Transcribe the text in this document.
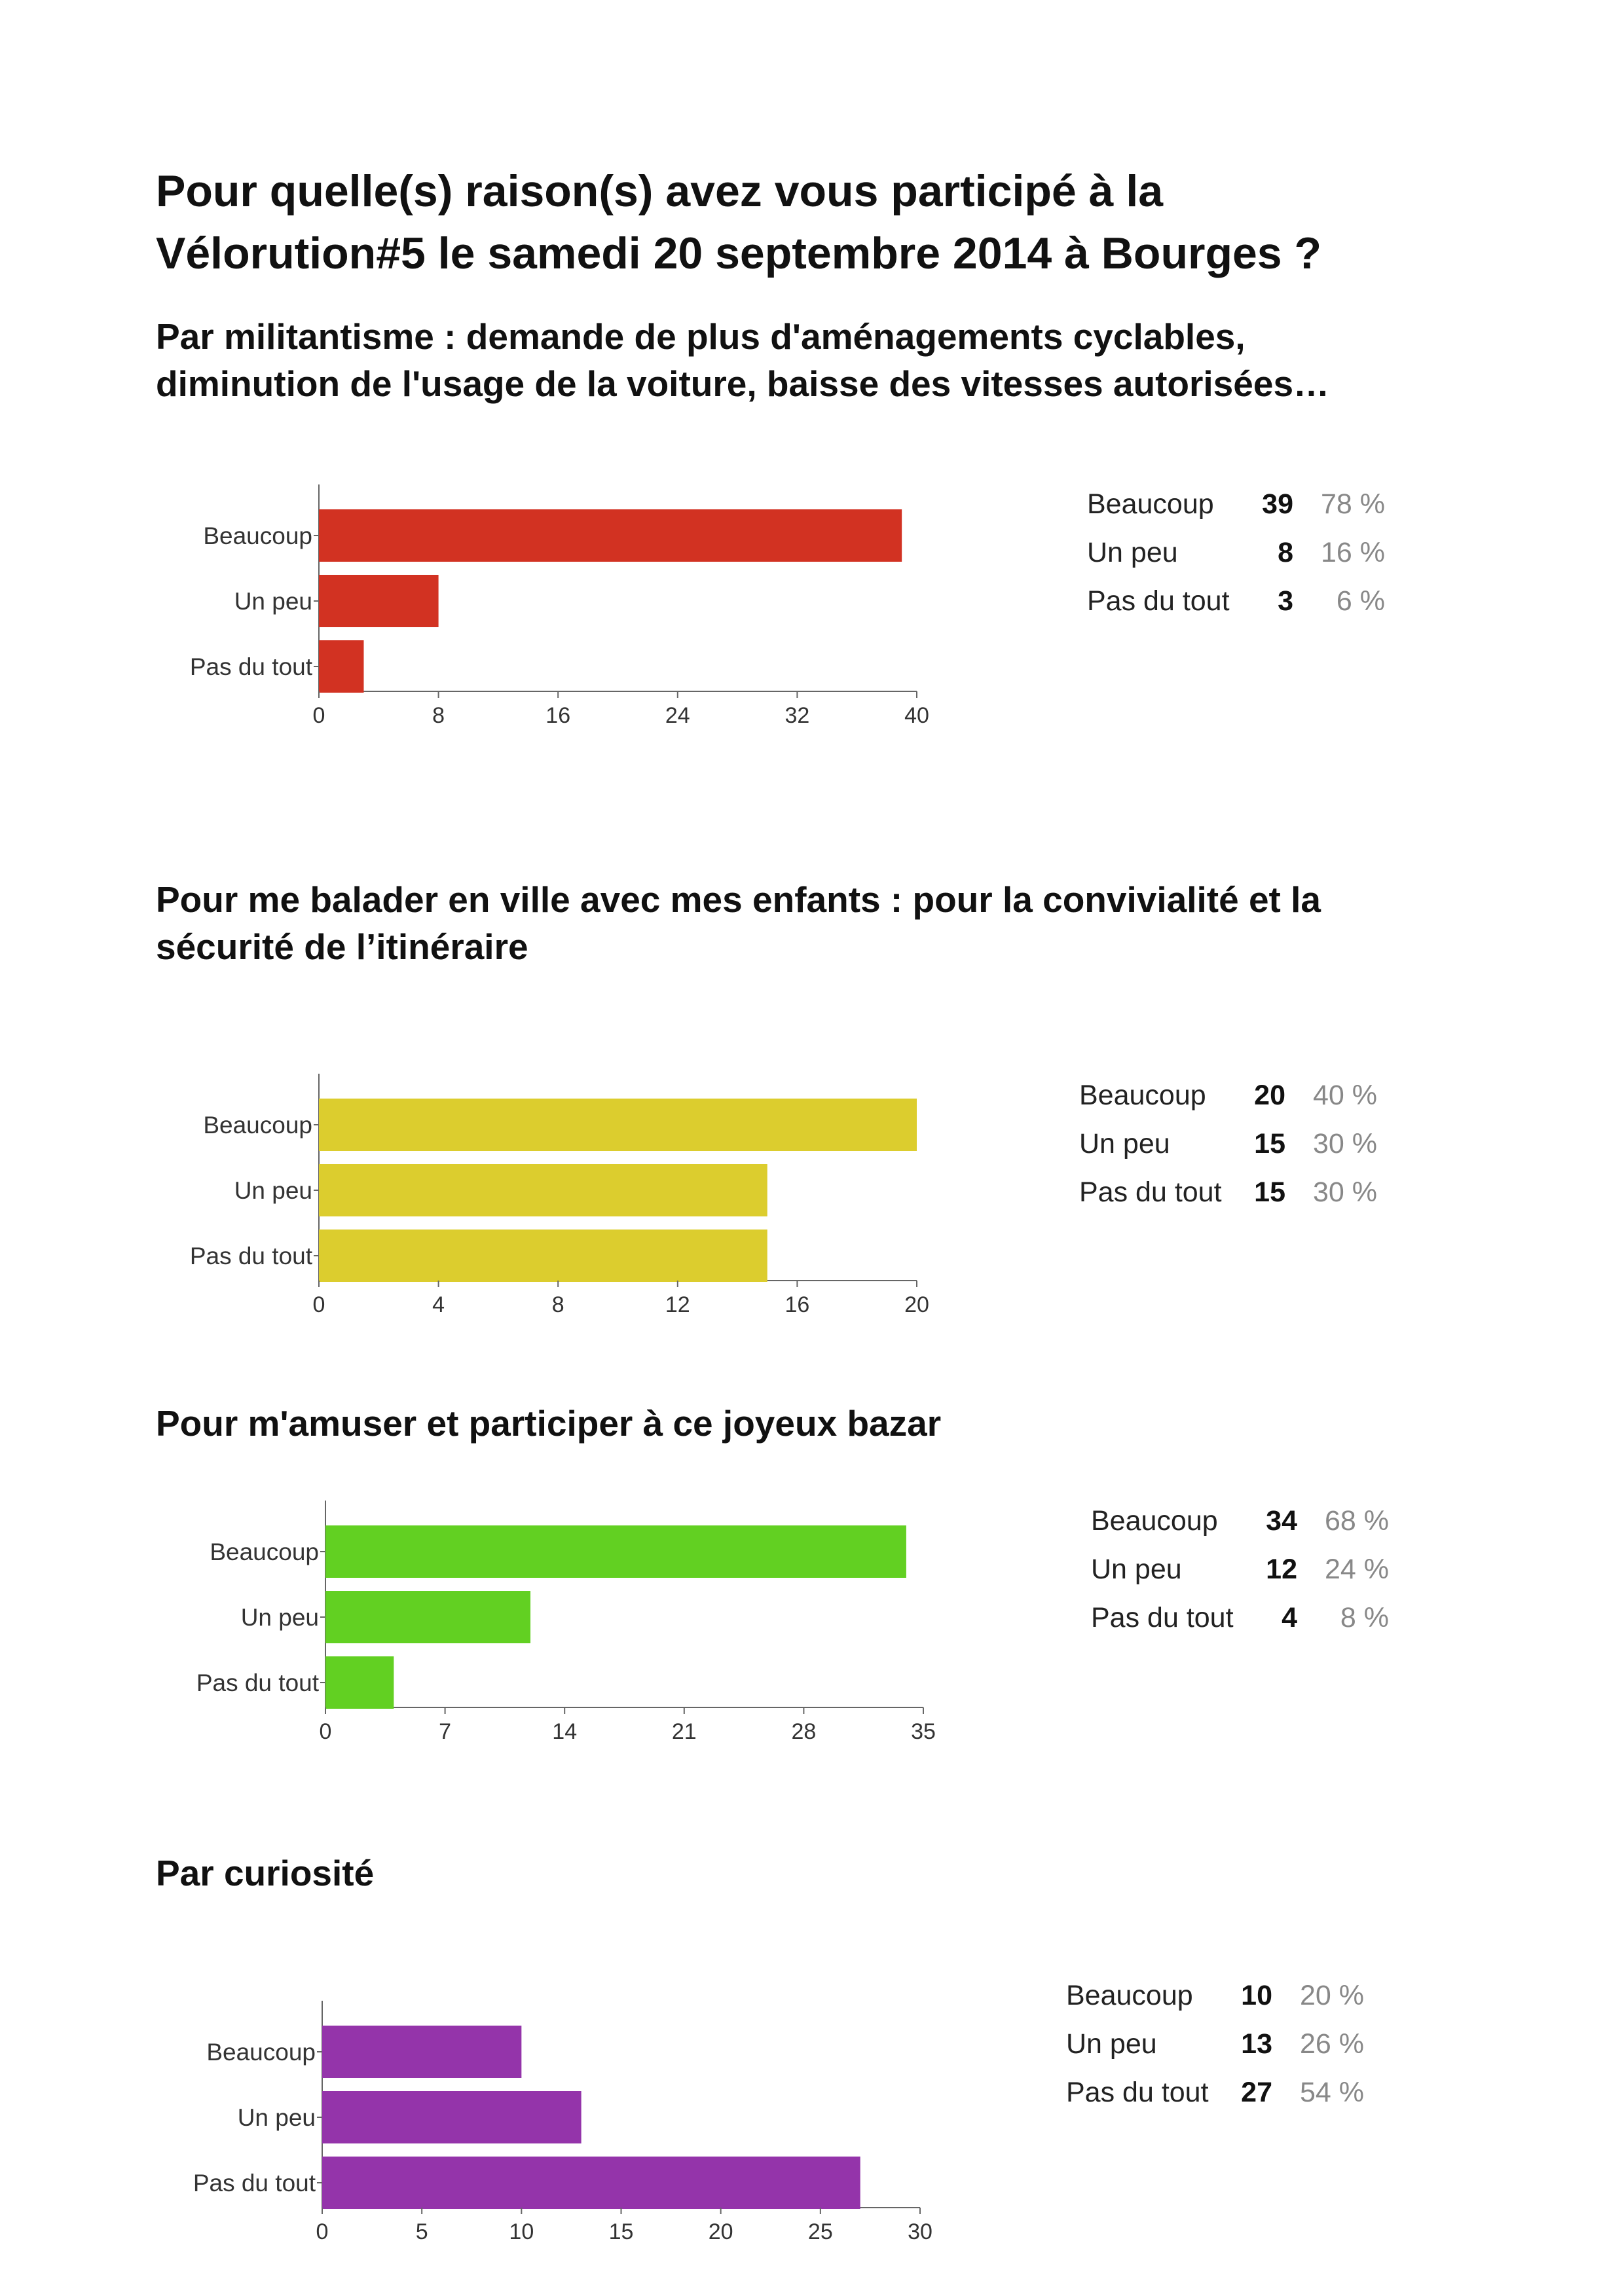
Pour quelle(s) raison(s) avez vous participé à la
Vélorution#5 le samedi 20 septembre 2014 à Bourges ?
Par militantisme : demande de plus d'aménagements cyclables,
diminution de l'usage de la voiture, baisse des vitesses autorisées…
Beaucoup
Un peu
Pas du tout
0	8	16	24	32	40
Beaucoup	39	78 %
Un peu	8	16 %
Pas du tout	3	6 %
Pour me balader en ville avec mes enfants : pour la convivialité et la
sécurité de l’itinéraire
Beaucoup
Un peu
Pas du tout
0	4	8	12	16	20
Beaucoup	20	40 %
Un peu	15	30 %
Pas du tout	15	30 %
Pour m'amuser et participer à ce joyeux bazar
Beaucoup
Un peu
Pas du tout
0	7	14	21	28	35
Beaucoup	34	68 %
Un peu	12	24 %
Pas du tout	4	8 %
Par curiosité
Beaucoup
Un peu
Pas du tout
0	5	10	15	20	25	30
Beaucoup	10	20 %
Un peu	13	26 %
Pas du tout	27	54 %
